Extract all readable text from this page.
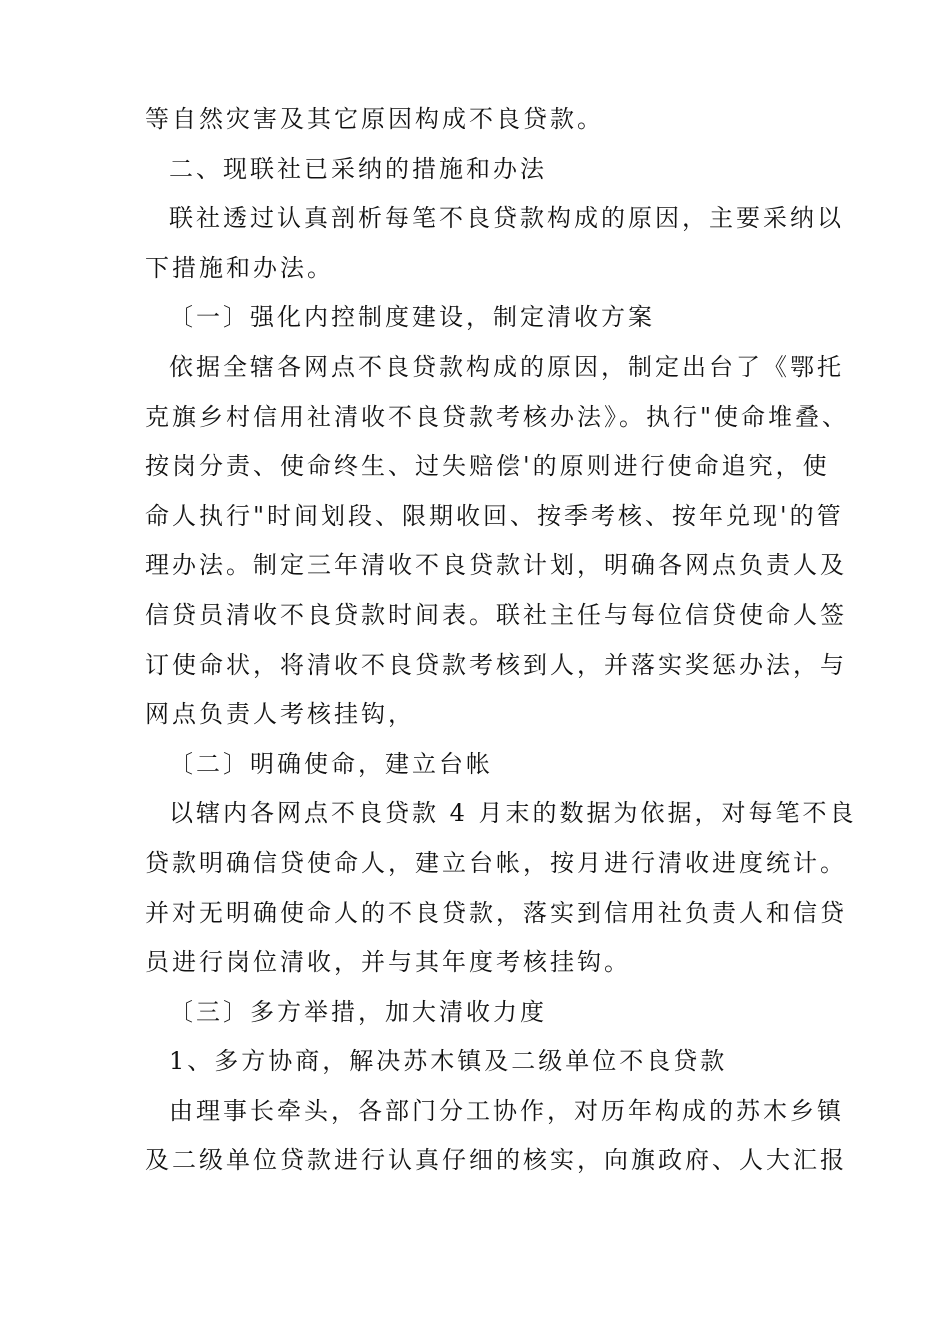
等自然灾害及其它原因构成不良贷款。
二、现联社已采纳的措施和办法
联社透过认真剖析每笔不良贷款构成的原因，主要采纳以
下措施和办法。
〔一〕强化内控制度建设，制定清收方案
依据全辖各网点不良贷款构成的原因，制定出台了《鄂托
克旗乡村信用社清收不良贷款考核办法》。执行"使命堆叠、
按岗分责、使命终生、过失赔偿'的原则进行使命追究，使
命人执行"时间划段、限期收回、按季考核、按年兑现'的管
理办法。制定三年清收不良贷款计划，明确各网点负责人及
信贷员清收不良贷款时间表。联社主任与每位信贷使命人签
订使命状，将清收不良贷款考核到人，并落实奖惩办法，与
网点负责人考核挂钩，
〔二〕明确使命，建立台帐
以辖内各网点不良贷款 4 月末的数据为依据，对每笔不良
贷款明确信贷使命人，建立台帐，按月进行清收进度统计。
并对无明确使命人的不良贷款，落实到信用社负责人和信贷
员进行岗位清收，并与其年度考核挂钩。
〔三〕多方举措，加大清收力度
1、多方协商，解决苏木镇及二级单位不良贷款
由理事长牵头，各部门分工协作，对历年构成的苏木乡镇
及二级单位贷款进行认真仔细的核实，向旗政府、人大汇报
